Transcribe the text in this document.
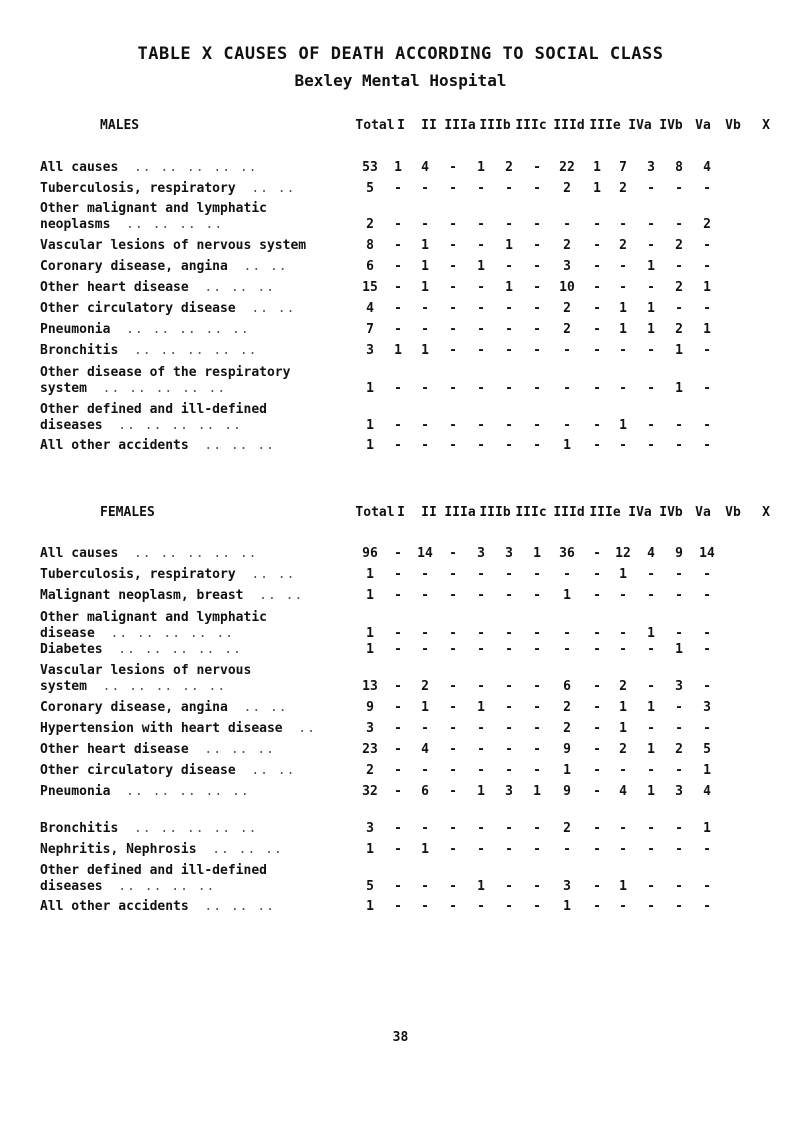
TABLE X CAUSES OF DEATH ACCORDING TO SOCIAL CLASS
Bexley Mental Hospital
MALES	Total I	II IIIa IIIb IIIc IIId IIIe IVa IVb Va	Vb	X
All causes .. .. .. .. ..	53	1	4	-	1	2	-	22	1	7	3	8	4
Tuberculosis, respiratory .. ..	5	-	-	-	-	-	-	2	1	2	-	-	-
Other malignant and lymphatic
neoplasms .. .. .. ..	2	-	-	-	-	-	-	-	-	-	-	-	2
Vascular lesions of nervous system	8	-	1	-	-	1	-	2	-	2	-	2	-
Coronary disease, angina .. ..	6	-	1	-	1	-	-	3	-	-	1	-	-
Other heart disease .. .. ..	15	-	1	-	-	1	-	10	-	-	-	2	1
Other circulatory disease .. ..	4	-	-	-	-	-	-	2	-	1	1	-	-
Pneumonia .. .. .. .. ..	7	-	-	-	-	-	-	2	-	1	1	2	1
Bronchitis .. .. .. .. ..	3	1	1	-	-	-	-	-	-	-	-	1	-
Other disease of the respiratory
system .. .. .. .. ..	1	-	-	-	-	-	-	-	-	-	-	1	-
Other defined and ill-defined
diseases .. .. .. .. ..	1	-	-	-	-	-	-	-	-	1	-	-	-
All other accidents .. .. ..	1	-	-	-	-	-	-	1	-	-	-	-	-
FEMALES	Total I	II IIIa IIIb IIIc IIId IIIe IVa IVb Va	Vb	X
All causes .. .. .. .. ..	96	-	14	-	3	3	1	36	-	12	4	9	14
Tuberculosis, respiratory .. ..	1	-	-	-	-	-	-	-	-	1	-	-	-
Malignant neoplasm, breast .. ..	1	-	-	-	-	-	-	1	-	-	-	-	-
Other malignant and lymphatic
disease .. .. .. .. ..	1	-	-	-	-	-	-	-	-	-	1	-	-
Diabetes .. .. .. .. ..	1	-	-	-	-	-	-	-	-	-	-	1	-
Vascular lesions of nervous
system .. .. .. .. ..	13	-	2	-	-	-	-	6	-	2	-	3	-
Coronary disease, angina .. ..	9	-	1	-	1	-	-	2	-	1	1	-	3
Hypertension with heart disease ..	3	-	-	-	-	-	-	2	-	1	-	-	-
Other heart disease .. .. ..	23	-	4	-	-	-	-	9	-	2	1	2	5
Other circulatory disease .. ..	2	-	-	-	-	-	-	1	-	-	-	-	1
Pneumonia .. .. .. .. ..	32	-	6	-	1	3	1	9	-	4	1	3	4
Bronchitis .. .. .. .. ..	3	-	-	-	-	-	-	2	-	-	-	-	1
Nephritis, Nephrosis .. .. ..	1	-	1	-	-	-	-	-	-	-	-	-	-
Other defined and ill-defined
diseases .. .. .. ..	5	-	-	-	1	-	-	3	-	1	-	-	-
All other accidents .. .. ..	1	-	-	-	-	-	-	1	-	-	-	-	-
38
